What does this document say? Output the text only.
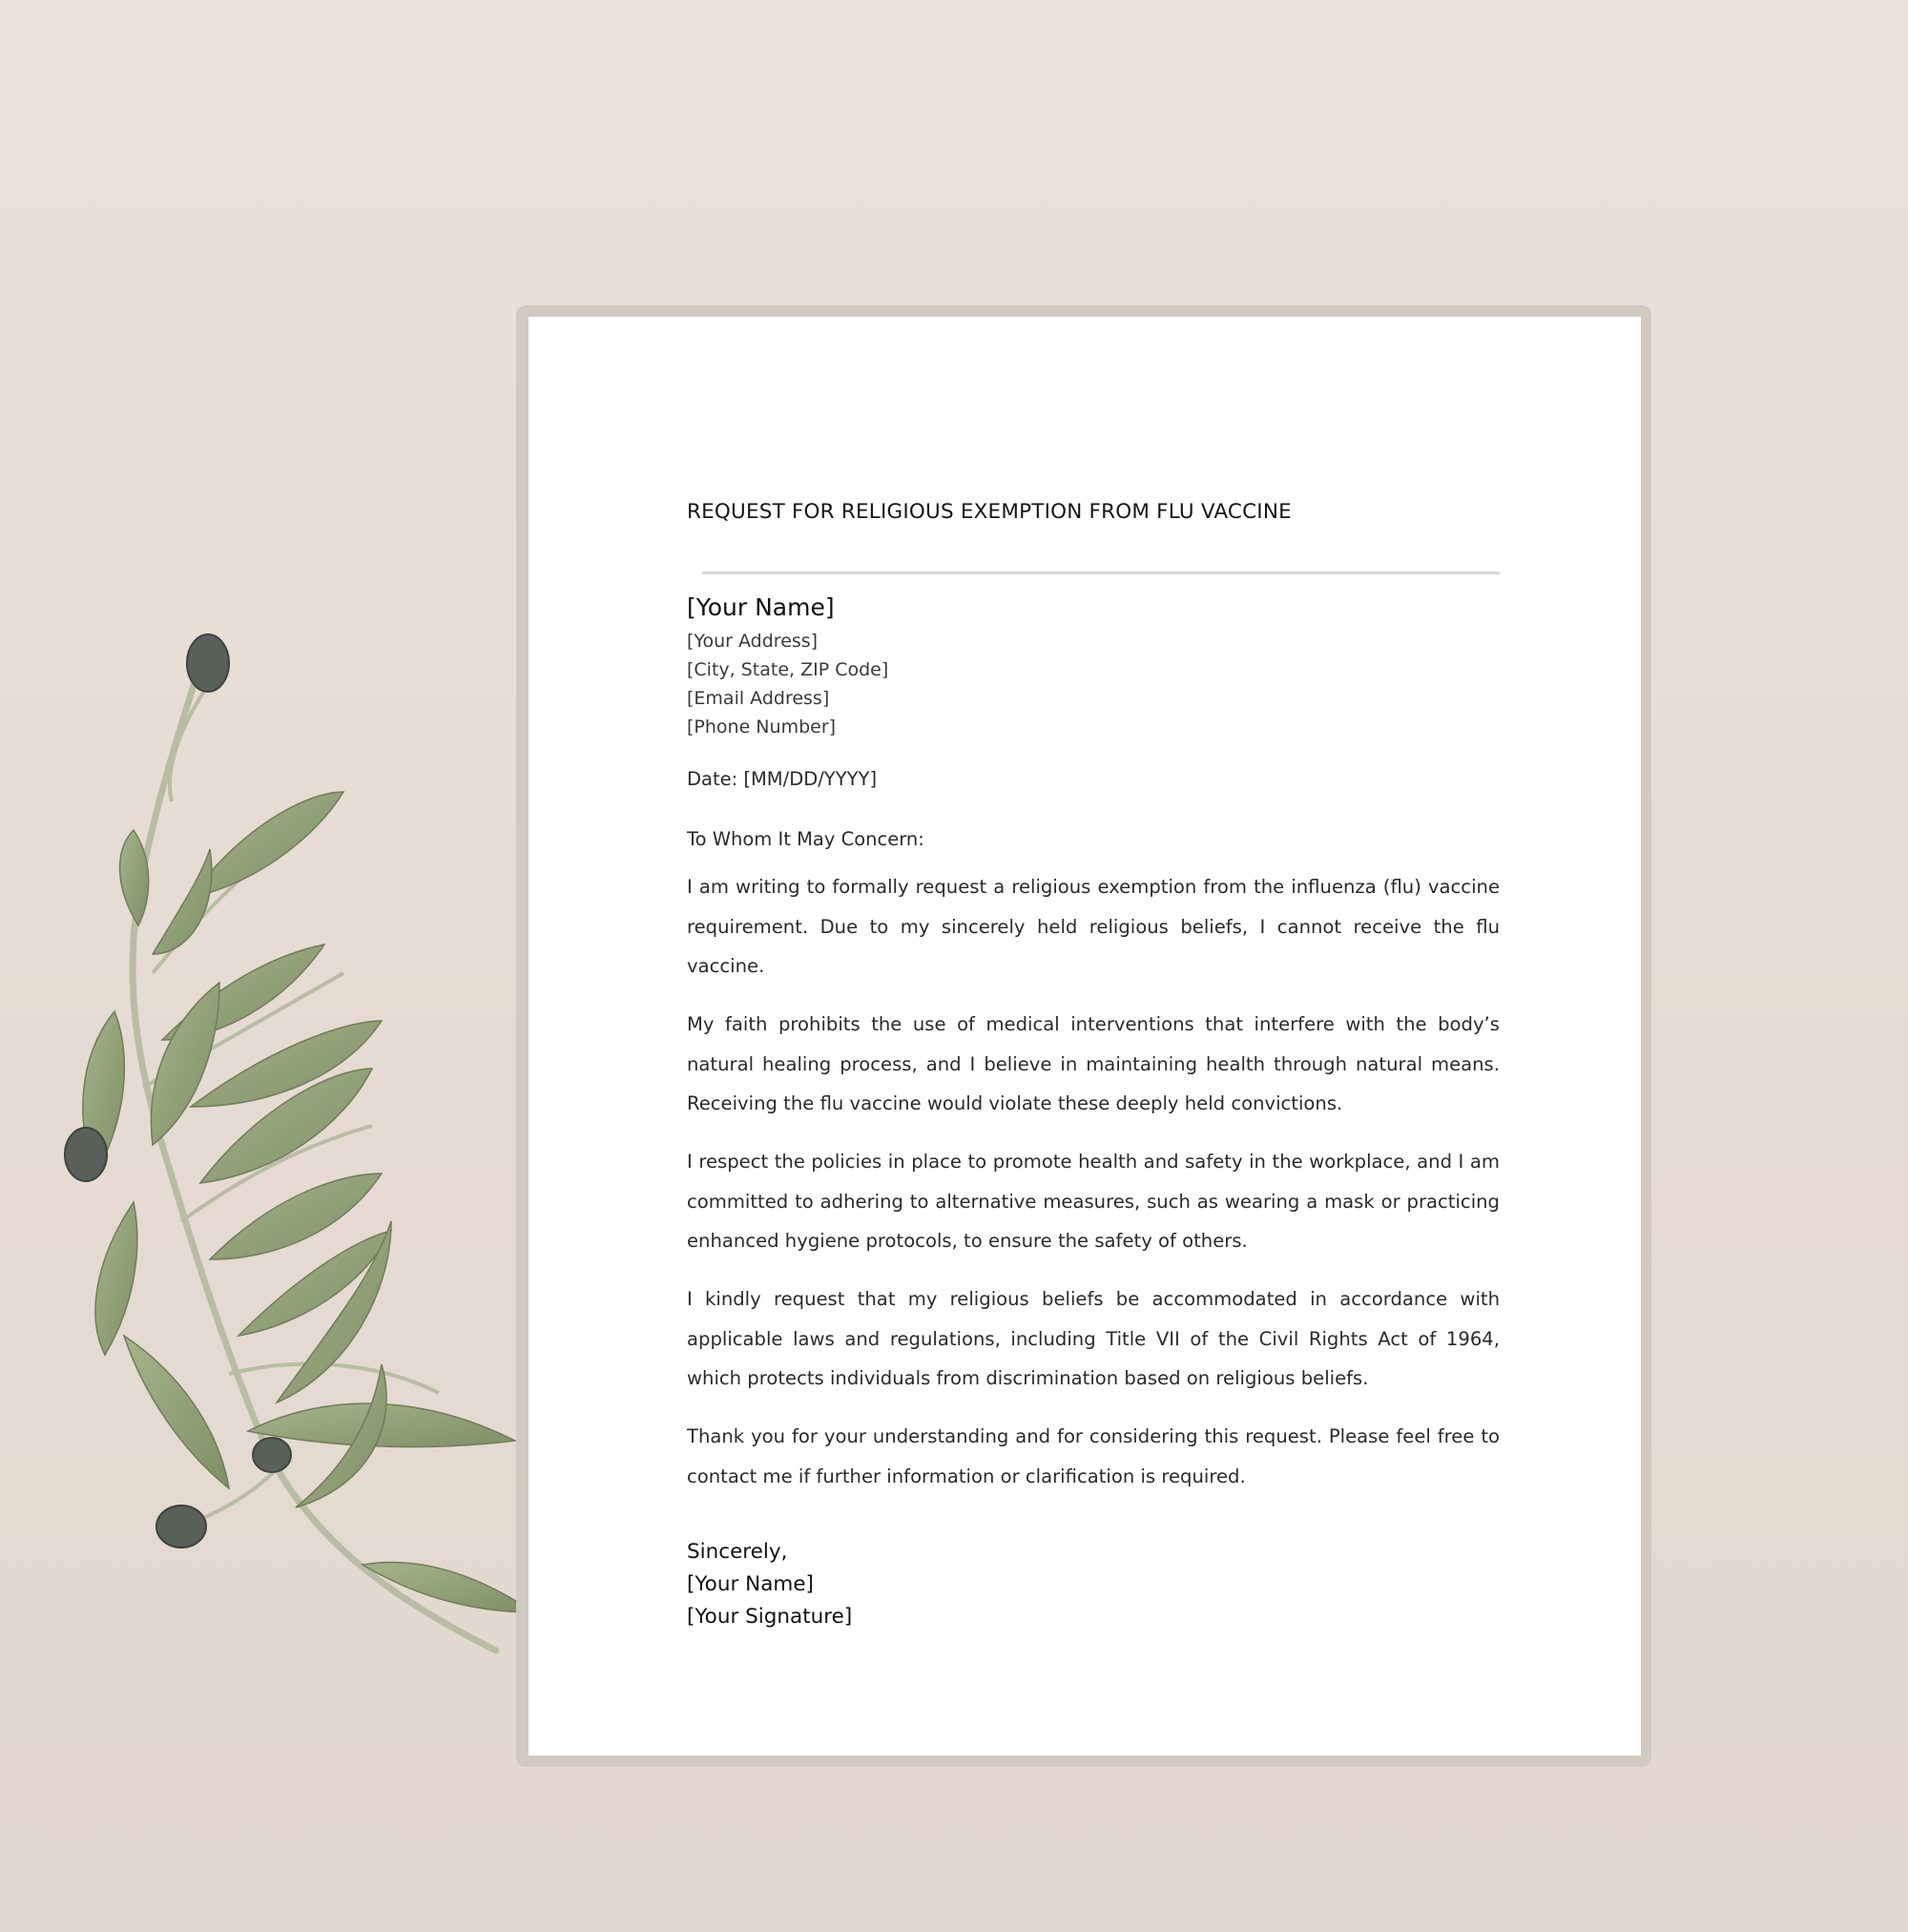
REQUEST FOR RELIGIOUS EXEMPTION FROM FLU VACCINE
[Your Name]
[Your Address]
[City, State, ZIP Code]
[Email Address]
[Phone Number]
Date: [MM/DD/YYYY]
To Whom It May Concern:

I am writing to formally request a religious exemption from the influenza (flu) vaccine requirement. Due to my sincerely held religious beliefs, I cannot receive the flu vaccine.

My faith prohibits the use of medical interventions that interfere with the body’s natural healing process, and I believe in maintaining health through natural means. Receiving the flu vaccine would violate these deeply held convictions.

I respect the policies in place to promote health and safety in the workplace, and I am committed to adhering to alternative measures, such as wearing a mask or practicing enhanced hygiene protocols, to ensure the safety of others.

I kindly request that my religious beliefs be accommodated in accordance with applicable laws and regulations, including Title VII of the Civil Rights Act of 1964, which protects individuals from discrimination based on religious beliefs.

Thank you for your understanding and for considering this request. Please feel free to contact me if further information or clarification is required.

Sincerely,
[Your Name]
[Your Signature]
